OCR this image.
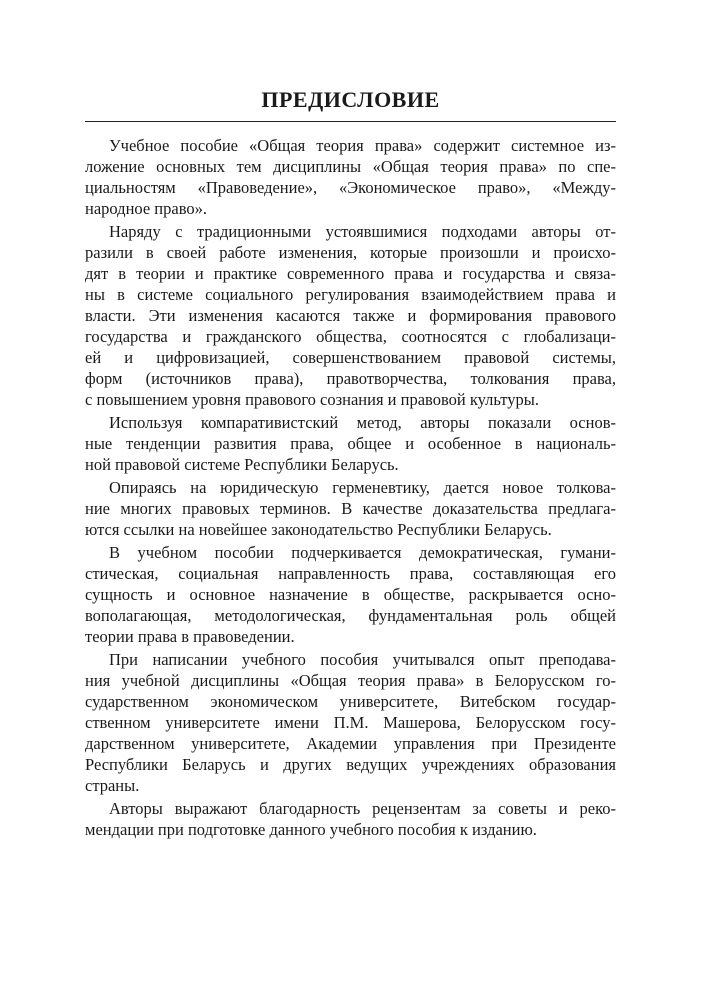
ПРЕДИСЛОВИЕ
Учебное пособие «Общая теория права» содержит системное из-
ложение основных тем дисциплины «Общая теория права» по спе-
циальностям «Правоведение», «Экономическое право», «Между-
народное право».
Наряду с традиционными устоявшимися подходами авторы от-
разили в своей работе изменения, которые произошли и происхо-
дят в теории и практике современного права и государства и связа-
ны в системе социального регулирования взаимодействием права и
власти. Эти изменения касаются также и формирования правового
государства и гражданского общества, соотносятся с глобализаци-
ей и цифровизацией, совершенствованием правовой системы,
форм (источников права), правотворчества, толкования права,
с повышением уровня правового сознания и правовой культуры.
Используя компаративистский метод, авторы показали основ-
ные тенденции развития права, общее и особенное в националь-
ной правовой системе Республики Беларусь.
Опираясь на юридическую герменевтику, дается новое толкова-
ние многих правовых терминов. В качестве доказательства предлага-
ются ссылки на новейшее законодательство Республики Беларусь.
В учебном пособии подчеркивается демократическая, гумани-
стическая, социальная направленность права, составляющая его
сущность и основное назначение в обществе, раскрывается осно-
вополагающая, методологическая, фундаментальная роль общей
теории права в правоведении.
При написании учебного пособия учитывался опыт преподава-
ния учебной дисциплины «Общая теория права» в Белорусском го-
сударственном экономическом университете, Витебском государ-
ственном университете имени П.М. Машерова, Белорусском госу-
дарственном университете, Академии управления при Президенте
Республики Беларусь и других ведущих учреждениях образования
страны.
Авторы выражают благодарность рецензентам за советы и реко-
мендации при подготовке данного учебного пособия к изданию.
